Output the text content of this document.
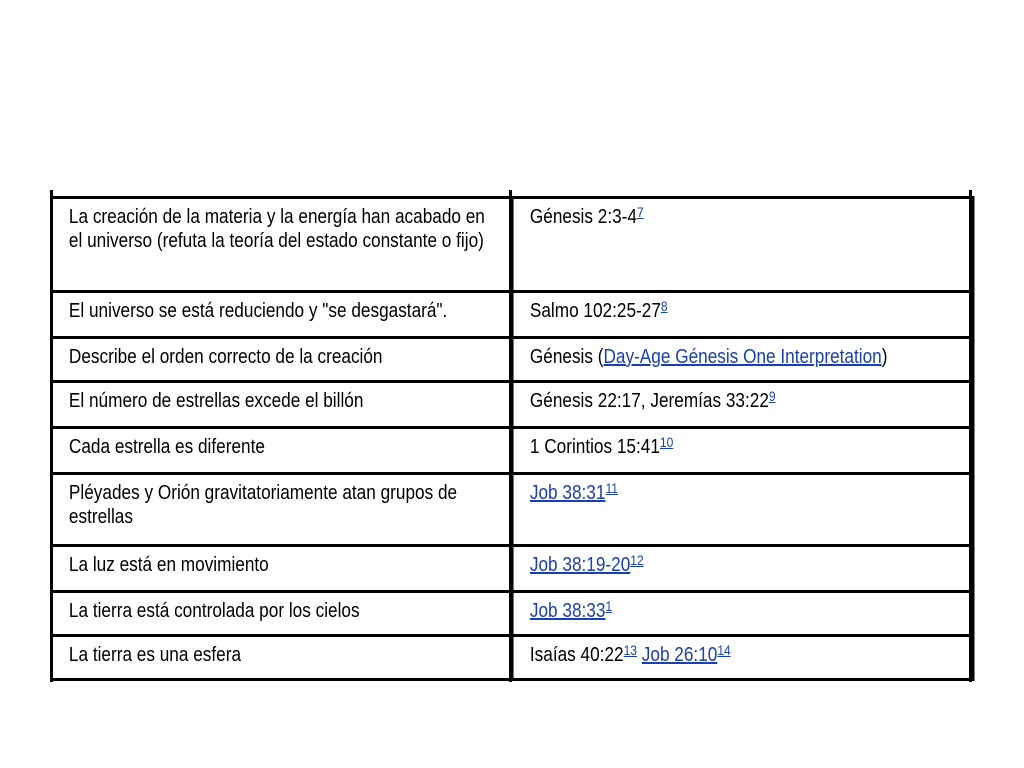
La creación de la materia y la energía han acabado en el universo (refuta la teoría del estado constante o fijo)	Génesis 2:3-4$^7$
El universo se está reduciendo y "se desgastará".	Salmo 102:25-27$^8$
Describe el orden correcto de la creación	Génesis (Day-Age Génesis One Interpretation)
El número de estrellas excede el billón	Génesis 22:17, Jeremías 33:22$^9$
Cada estrella es diferente	1 Corintios 15:41$^{10}$
Pléyades y Orión gravitatoriamente atan grupos de estrellas	Job 38:31$^{11}$
La luz está en movimiento	Job 38:19-20$^{12}$
La tierra está controlada por los cielos	Job 38:33$^1$
La tierra es una esfera	Isaías 40:22$^{13}$ Job 26:10$^{14}$
